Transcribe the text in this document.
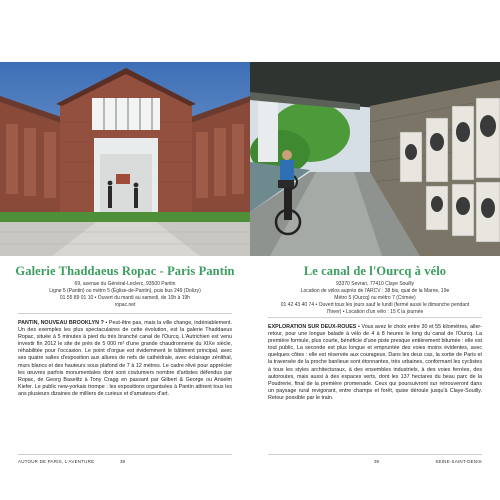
Galerie Thaddaeus Ropac - Paris Pantin
69, avenue du Général-Leclerc, 93500 Pantin
Ligne 5 (Pantin) ou métro 5 (Église-de-Pantin), puis bus 249 (Dolizy)
01 55 89 01 10 • Ouvert du mardi au samedi, de 10h à 19h
ropac.net
PANTIN, NOUVEAU BROOKLYN ? • Peut-être pas, mais la ville change, indéniablement. Un des exemples les plus spectaculaires de cette évolution, est la galerie Thaddaeus Ropac, située à 5 minutes à pied du très branché canal de l'Ourcq. L'Autrichien est venu investir fin 2012 le site de près de 5 000 m² d'une grande chaudronnerie du XIXe siècle, réhabilitée pour l'occasion. Le point d'orgue est évidemment le bâtiment principal, avec ses quatre salles d'exposition aux allures de nefs de cathédrale, avec éclairage zénithal, murs blancs et des hauteurs sous plafond de 7 à 12 mètres. Le cadre rêvé pour apprécier les œuvres parfois monumentales dont sont coutumiers nombre d'artistes défendus par Ropac, de Georg Baselitz à Tony Cragg en passant par Gilbert & George ou Anselm Kiefer. Le public new-yorkais trompe : les expositions organisées à Pantin attirent tous les ans plusieurs dizaines de milliers de curieux et d'amateurs d'art.
AUTOUR DE PARIS, L'AVENTURE	38
Le canal de l'Ourcq à vélo
93370 Sevran, 77410 Claye Souilly
Location de vélos auprès de l'ARCV : 38 bis, quai de la Marne, 19e
Métro 5 (Ourcq) ou métro 7 (Crimée)
01 42 43 40 74 • Ouvert tous les jours sauf le lundi (fermé aussi le dimanche pendant l'hiver) • Location d'un vélo : 15 € la journée
EXPLORATION SUR DEUX-ROUES • Vous avez le choix entre 30 et 55 kilomètres, aller-retour, pour une longue balade à vélo de 4 à 8 heures le long du canal de l'Ourcq. La première formule, plus courte, bénéficie d'une piste presque entièrement bitumée : elle est tout public. La seconde est plus longue et empruntée des voies moins évidentes, avec quelques côtes : elle est réservée aux courageux. Dans les deux cas, la sortie de Paris et la traversée de la proche banlieue sont étonnantes, très urbaines, conformant les cyclistes à tous les styles architecturaux, à des ensembles industriels, à des voies ferrées, des autoroutes, mais aussi à des espaces verts, dont les 137 hectares du beau parc de la Poudrerie, final de la première promenade. Ceux qui poursuivront sur retrouveront dans un paysage rural revigorant, entre champs et forêt, quise déroule jusqu'à Claye-Souilly. Retour possible par le train.
39	SEINE-SAINT-DENIS
